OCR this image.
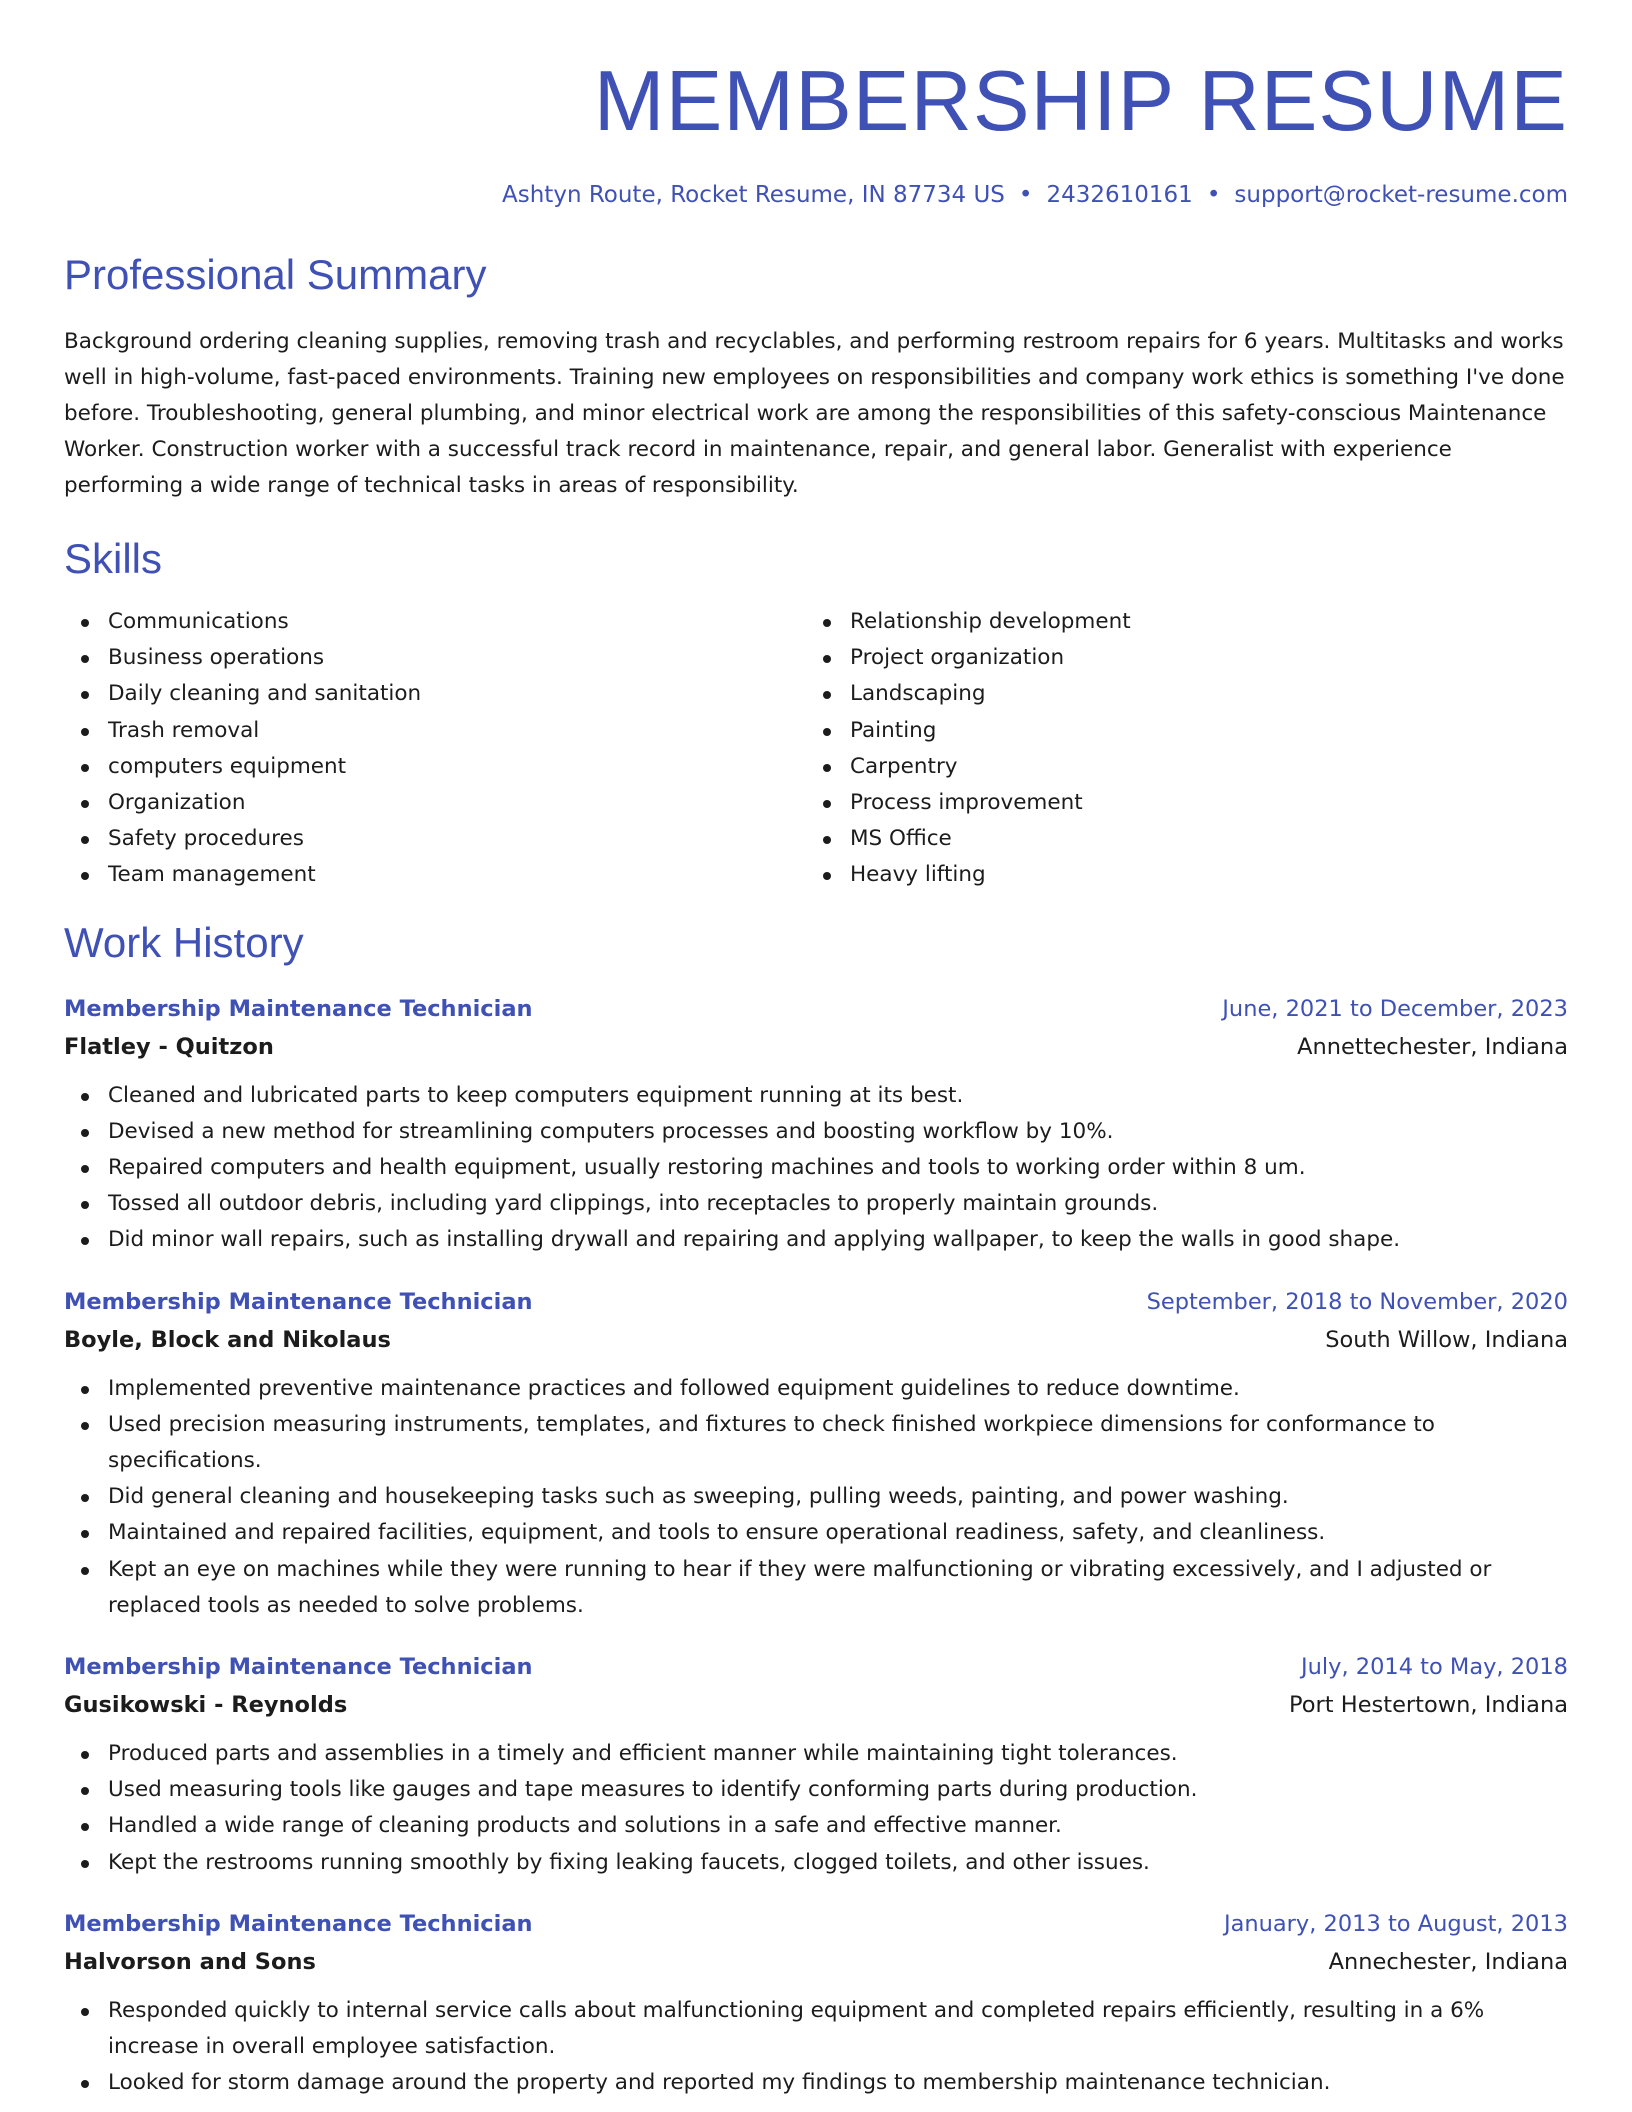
MEMBERSHIP RESUME
Ashtyn Route, Rocket Resume, IN 87734 US • 2432610161 • support@rocket-resume.com
Professional Summary
Background ordering cleaning supplies, removing trash and recyclables, and performing restroom repairs for 6 years. Multitasks and works well in high-volume, fast-paced environments. Training new employees on responsibilities and company work ethics is something I've done before. Troubleshooting, general plumbing, and minor electrical work are among the responsibilities of this safety-conscious Maintenance Worker. Construction worker with a successful track record in maintenance, repair, and general labor. Generalist with experience performing a wide range of technical tasks in areas of responsibility.
Skills
Communications
Business operations
Daily cleaning and sanitation
Trash removal
computers equipment
Organization
Safety procedures
Team management
Relationship development
Project organization
Landscaping
Painting
Carpentry
Process improvement
MS Office
Heavy lifting
Work History
Membership Maintenance Technician	June, 2021 to December, 2023
Flatley - Quitzon	Annettechester, Indiana
Cleaned and lubricated parts to keep computers equipment running at its best.
Devised a new method for streamlining computers processes and boosting workflow by 10%.
Repaired computers and health equipment, usually restoring machines and tools to working order within 8 um.
Tossed all outdoor debris, including yard clippings, into receptacles to properly maintain grounds.
Did minor wall repairs, such as installing drywall and repairing and applying wallpaper, to keep the walls in good shape.
Membership Maintenance Technician	September, 2018 to November, 2020
Boyle, Block and Nikolaus	South Willow, Indiana
Implemented preventive maintenance practices and followed equipment guidelines to reduce downtime.
Used precision measuring instruments, templates, and fixtures to check finished workpiece dimensions for conformance to specifications.
Did general cleaning and housekeeping tasks such as sweeping, pulling weeds, painting, and power washing.
Maintained and repaired facilities, equipment, and tools to ensure operational readiness, safety, and cleanliness.
Kept an eye on machines while they were running to hear if they were malfunctioning or vibrating excessively, and I adjusted or replaced tools as needed to solve problems.
Membership Maintenance Technician	July, 2014 to May, 2018
Gusikowski - Reynolds	Port Hestertown, Indiana
Produced parts and assemblies in a timely and efficient manner while maintaining tight tolerances.
Used measuring tools like gauges and tape measures to identify conforming parts during production.
Handled a wide range of cleaning products and solutions in a safe and effective manner.
Kept the restrooms running smoothly by fixing leaking faucets, clogged toilets, and other issues.
Membership Maintenance Technician	January, 2013 to August, 2013
Halvorson and Sons	Annechester, Indiana
Responded quickly to internal service calls about malfunctioning equipment and completed repairs efficiently, resulting in a 6% increase in overall employee satisfaction.
Looked for storm damage around the property and reported my findings to membership maintenance technician.
